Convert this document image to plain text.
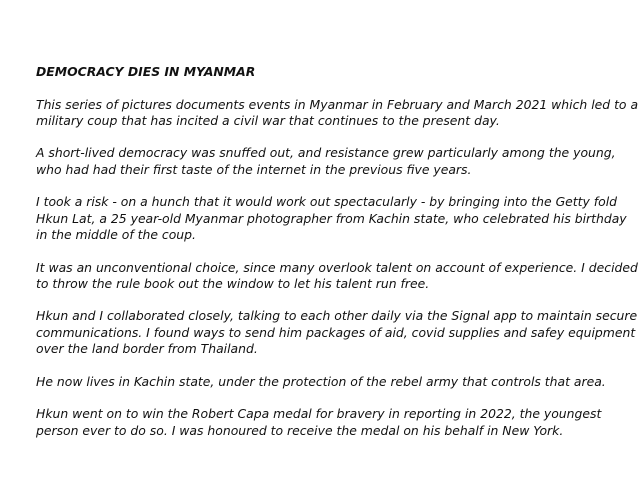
DEMOCRACY DIES IN MYANMAR
This series of pictures documents events in Myanmar in February and March 2021 which led to a
military coup that has incited a civil war that continues to the present day.
A short-lived democracy was snuffed out, and resistance grew particularly among the young,
who had had their first taste of the internet in the previous five years.
I took a risk - on a hunch that it would work out spectacularly - by bringing into the Getty fold
Hkun Lat, a 25 year-old Myanmar photographer from Kachin state, who celebrated his birthday
in the middle of the coup.
It was an unconventional choice, since many overlook talent on account of experience. I decided
to throw the rule book out the window to let his talent run free.
Hkun and I collaborated closely, talking to each other daily via the Signal app to maintain secure
communications. I found ways to send him packages of aid, covid supplies and safey equipment
over the land border from Thailand.
He now lives in Kachin state, under the protection of the rebel army that controls that area.
Hkun went on to win the Robert Capa medal for bravery in reporting in 2022, the youngest
person ever to do so. I was honoured to receive the medal on his behalf in New York.
